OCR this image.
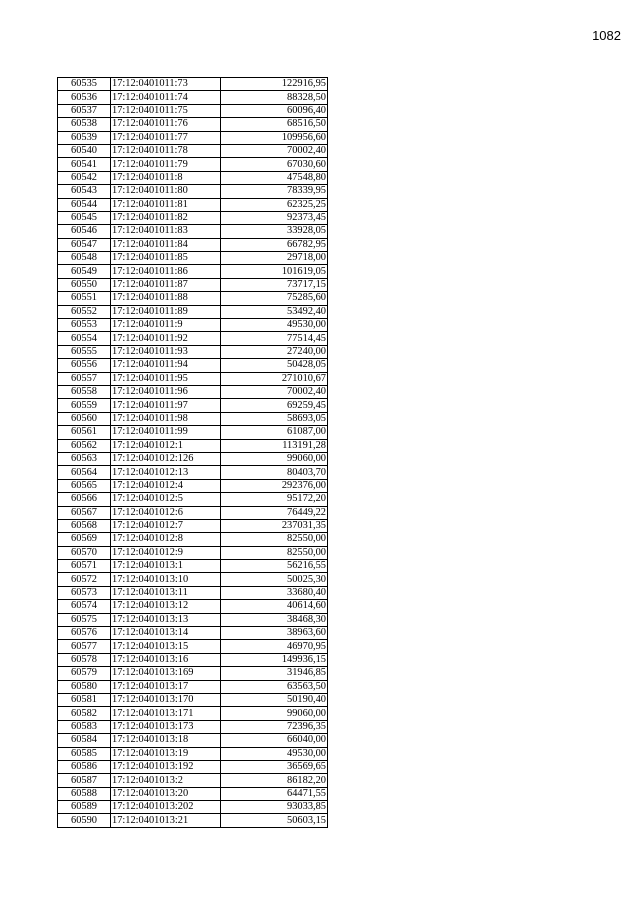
1082
60535	17:12:0401011:73	122916,95
60536	17:12:0401011:74	88328,50
60537	17:12:0401011:75	60096,40
60538	17:12:0401011:76	68516,50
60539	17:12:0401011:77	109956,60
60540	17:12:0401011:78	70002,40
60541	17:12:0401011:79	67030,60
60542	17:12:0401011:8	47548,80
60543	17:12:0401011:80	78339,95
60544	17:12:0401011:81	62325,25
60545	17:12:0401011:82	92373,45
60546	17:12:0401011:83	33928,05
60547	17:12:0401011:84	66782,95
60548	17:12:0401011:85	29718,00
60549	17:12:0401011:86	101619,05
60550	17:12:0401011:87	73717,15
60551	17:12:0401011:88	75285,60
60552	17:12:0401011:89	53492,40
60553	17:12:0401011:9	49530,00
60554	17:12:0401011:92	77514,45
60555	17:12:0401011:93	27240,00
60556	17:12:0401011:94	50428,05
60557	17:12:0401011:95	271010,67
60558	17:12:0401011:96	70002,40
60559	17:12:0401011:97	69259,45
60560	17:12:0401011:98	58693,05
60561	17:12:0401011:99	61087,00
60562	17:12:0401012:1	113191,28
60563	17:12:0401012:126	99060,00
60564	17:12:0401012:13	80403,70
60565	17:12:0401012:4	292376,00
60566	17:12:0401012:5	95172,20
60567	17:12:0401012:6	76449,22
60568	17:12:0401012:7	237031,35
60569	17:12:0401012:8	82550,00
60570	17:12:0401012:9	82550,00
60571	17:12:0401013:1	56216,55
60572	17:12:0401013:10	50025,30
60573	17:12:0401013:11	33680,40
60574	17:12:0401013:12	40614,60
60575	17:12:0401013:13	38468,30
60576	17:12:0401013:14	38963,60
60577	17:12:0401013:15	46970,95
60578	17:12:0401013:16	149936,15
60579	17:12:0401013:169	31946,85
60580	17:12:0401013:17	63563,50
60581	17:12:0401013:170	50190,40
60582	17:12:0401013:171	99060,00
60583	17:12:0401013:173	72396,35
60584	17:12:0401013:18	66040,00
60585	17:12:0401013:19	49530,00
60586	17:12:0401013:192	36569,65
60587	17:12:0401013:2	86182,20
60588	17:12:0401013:20	64471,55
60589	17:12:0401013:202	93033,85
60590	17:12:0401013:21	50603,15
